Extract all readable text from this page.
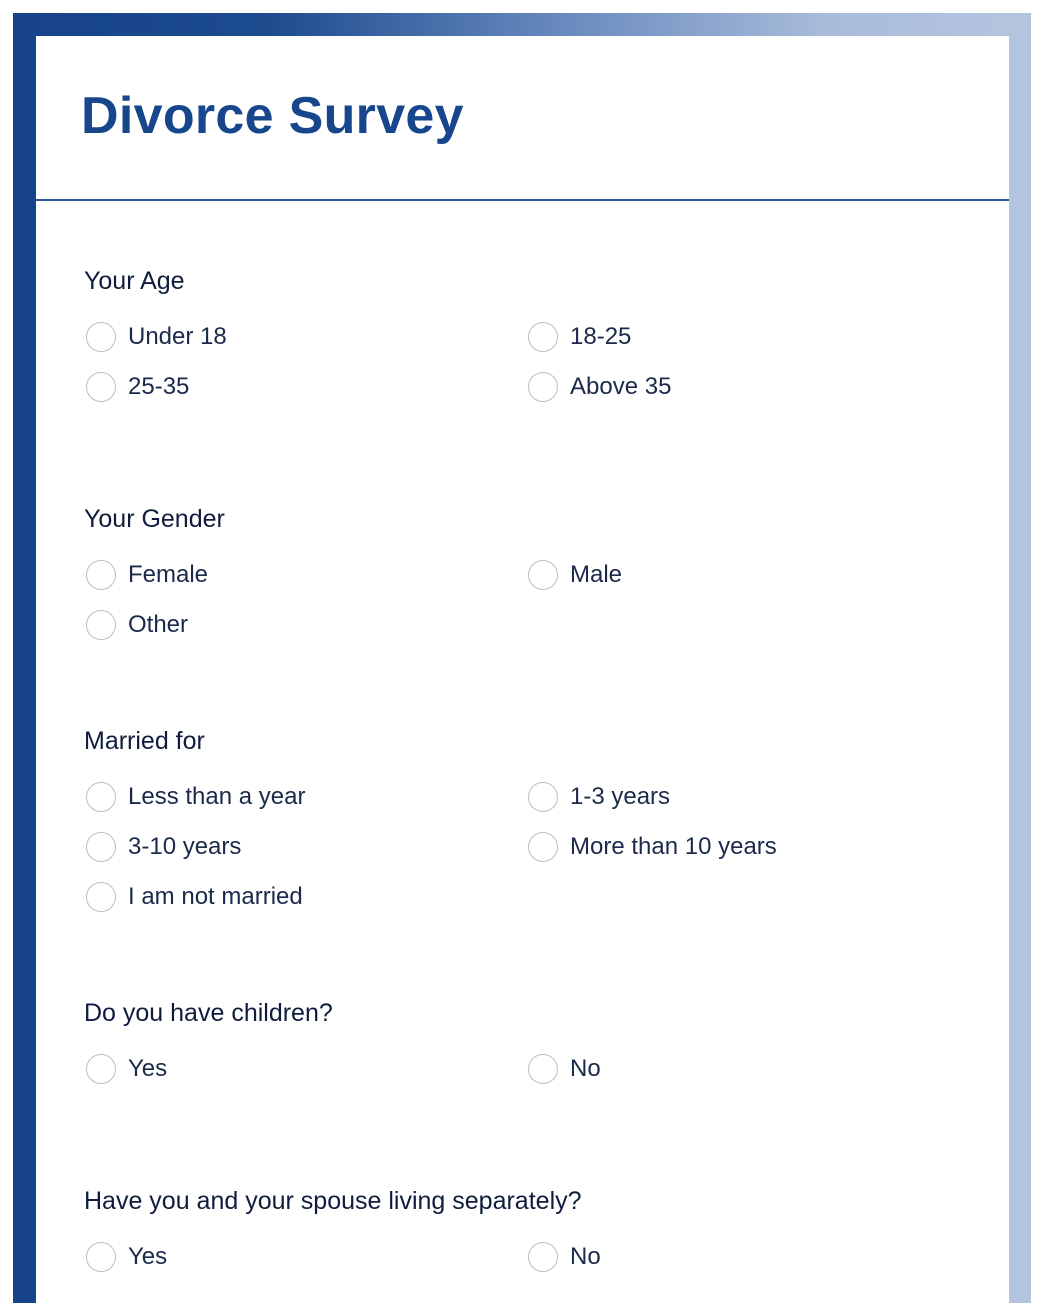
Divorce Survey

Your Age

Under 18	18-25
25-35	Above 35

Your Gender

Female	Male
Other

Married for

Less than a year	1-3 years
3-10 years	More than 10 years
I am not married

Do you have children?

Yes	No

Have you and your spouse living separately?

Yes	No
